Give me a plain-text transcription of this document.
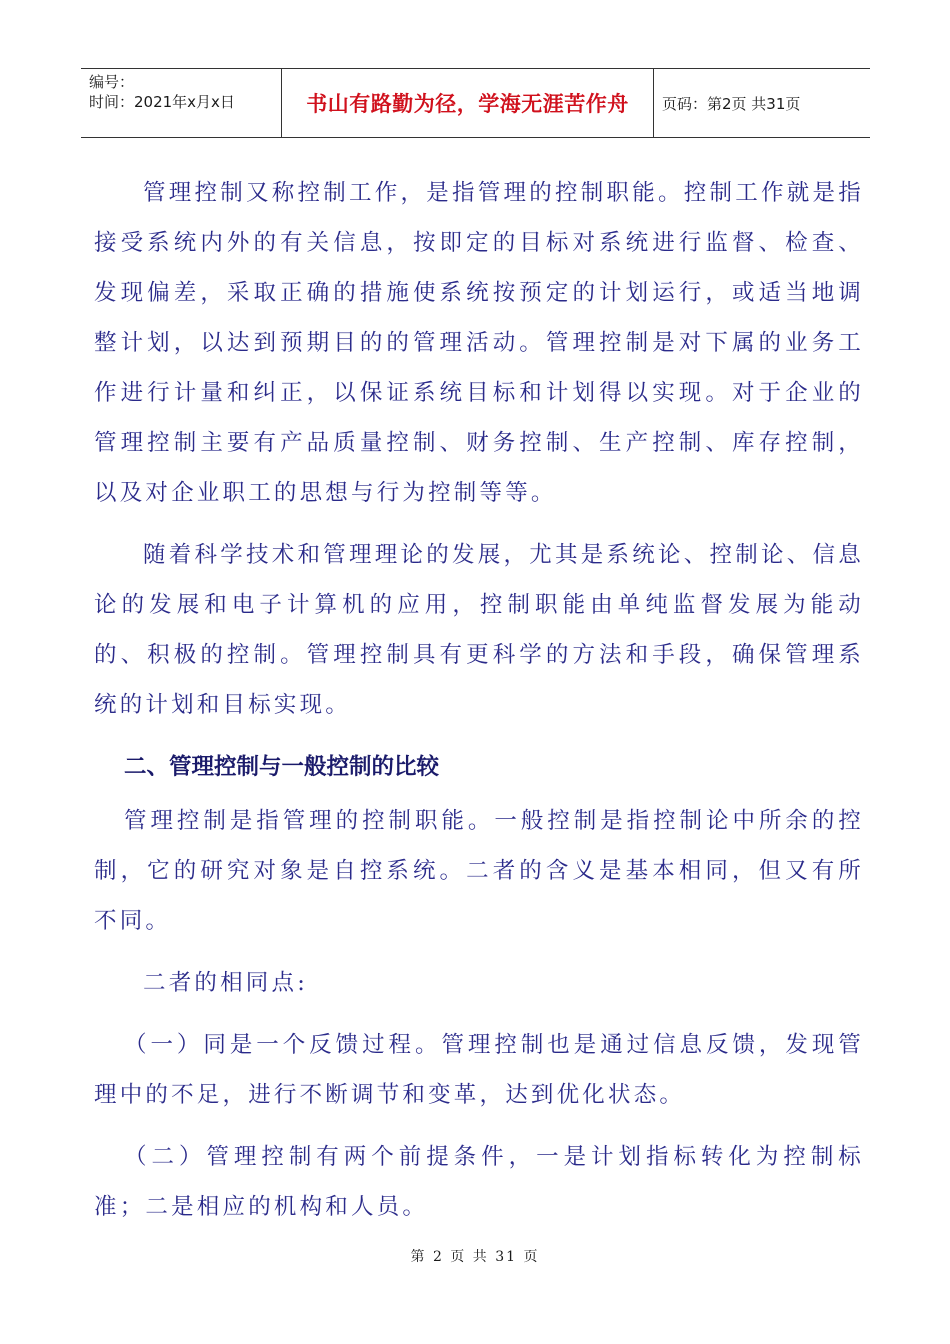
编号：
时间：2021年x月x日	书山有路勤为径，学海无涯苦作舟	页码：第2页 共31页

管理控制又称控制工作，是指管理的控制职能。控制工作就是指接受系统内外的有关信息，按即定的目标对系统进行监督、检查、发现偏差，采取正确的措施使系统按预定的计划运行，或适当地调整计划，以达到预期目的的管理活动。管理控制是对下属的业务工作进行计量和纠正，以保证系统目标和计划得以实现。对于企业的管理控制主要有产品质量控制、财务控制、生产控制、库存控制，以及对企业职工的思想与行为控制等等。

随着科学技术和管理理论的发展，尤其是系统论、控制论、信息论的发展和电子计算机的应用，控制职能由单纯监督发展为能动的、积极的控制。管理控制具有更科学的方法和手段，确保管理系统的计划和目标实现。

二、管理控制与一般控制的比较

管理控制是指管理的控制职能。一般控制是指控制论中所余的控制，它的研究对象是自控系统。二者的含义是基本相同，但又有所不同。

二者的相同点:

（一）同是一个反馈过程。管理控制也是通过信息反馈，发现管理中的不足，进行不断调节和变革，达到优化状态。

（二）管理控制有两个前提条件，一是计划指标转化为控制标准；二是相应的机构和人员。

第 2 页 共 31 页
